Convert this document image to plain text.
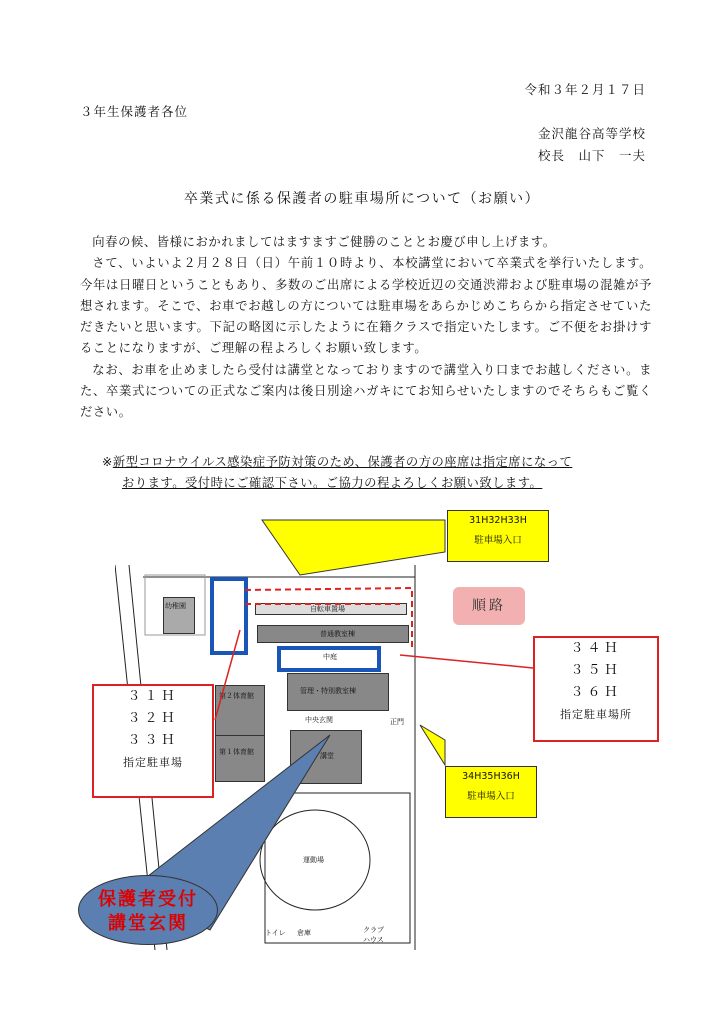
令和３年２月１７日
３年生保護者各位
金沢龍谷高等学校
校長　山下　一夫
卒業式に係る保護者の駐車場所について（お願い）

向春の候、皆様におかれましてはますますご健勝のこととお慶び申し上げます。

さて、いよいよ２月２８日（日）午前１０時より、本校講堂において卒業式を挙行いたします。今年は日曜日ということもあり、多数のご出席による学校近辺の交通渋滞および駐車場の混雑が予想されます。そこで、お車でお越しの方については駐車場をあらかじめこちらから指定させていただきたいと思います。下記の略図に示したように在籍クラスで指定いたします。ご不便をお掛けすることになりますが、ご理解の程よろしくお願い致します。

なお、お車を止めましたら受付は講堂となっておりますので講堂入り口までお越しください。また、卒業式についての正式なご案内は後日別途ハガキにてお知らせいたしますのでそちらもご覧ください。

※新型コロナウイルス感染症予防対策のため、保護者の方の座席は指定席になって
おります。受付時にご確認下さい。ご協力の程よろしくお願い致します。
幼稚園	自転車置場
普通教室棟
中庭
管理・特別教室棟
第２体育館
第１体育館
中央玄関	正門
講堂
運動場
トイレ 倉庫	クラブハウス
31H32H33H
駐車場入口
順路
３４Ｈ
３５Ｈ
３６Ｈ
指定駐車場所
３１Ｈ
３２Ｈ
３３Ｈ
指定駐車場
34H35H36H
駐車場入口
保護者受付
講堂玄関
